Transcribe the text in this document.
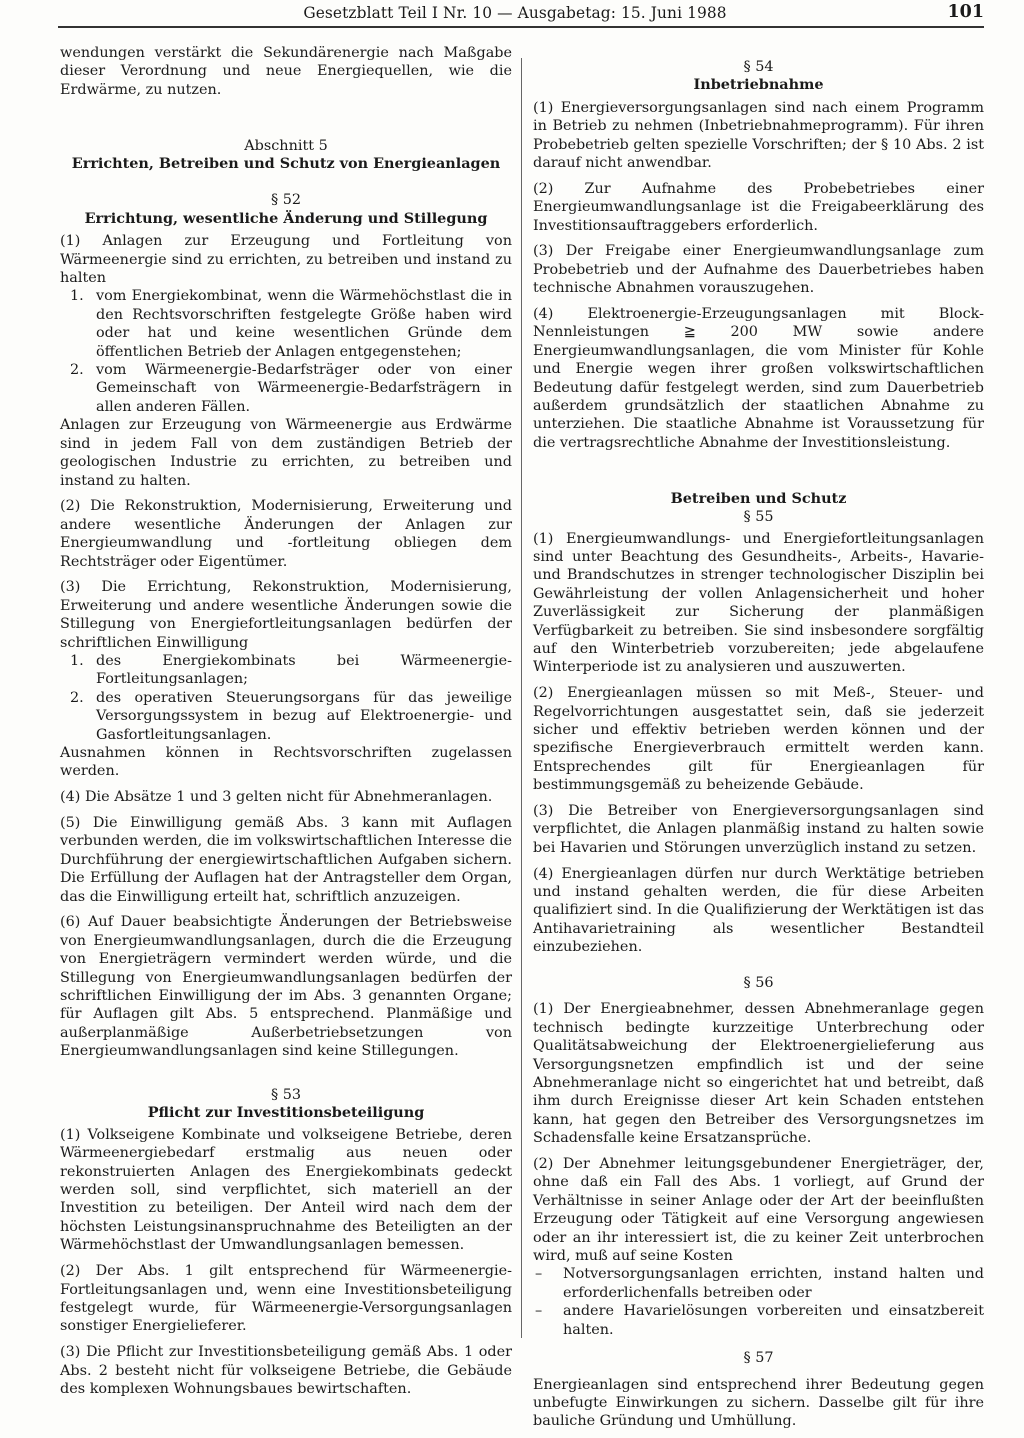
Gesetzblatt Teil I Nr. 10 — Ausgabetag: 15. Juni 1988	101

wendungen verstärkt die Sekundärenergie nach Maßgabe dieser Verordnung und neue Energiequellen, wie die Erdwärme, zu nutzen.

Abschnitt 5

Errichten, Betreiben und Schutz von Energieanlagen

§ 52

Errichtung, wesentliche Änderung und Stillegung

(1) Anlagen zur Erzeugung und Fortleitung von Wärmeenergie sind zu errichten, zu betreiben und instand zu halten

1. vom Energiekombinat, wenn die Wärmehöchstlast die in den Rechtsvorschriften festgelegte Größe haben wird oder hat und keine wesentlichen Gründe dem öffentlichen Betrieb der Anlagen entgegenstehen;
2. vom Wärmeenergie-Bedarfsträger oder von einer Gemeinschaft von Wärmeenergie-Bedarfsträgern in allen anderen Fällen.

Anlagen zur Erzeugung von Wärmeenergie aus Erdwärme sind in jedem Fall von dem zuständigen Betrieb der geologischen Industrie zu errichten, zu betreiben und instand zu halten.

(2) Die Rekonstruktion, Modernisierung, Erweiterung und andere wesentliche Änderungen der Anlagen zur Energieumwandlung und -fortleitung obliegen dem Rechtsträger oder Eigentümer.

(3) Die Errichtung, Rekonstruktion, Modernisierung, Erweiterung und andere wesentliche Änderungen sowie die Stillegung von Energiefortleitungsanlagen bedürfen der schriftlichen Einwilligung

1. des Energiekombinats bei Wärmeenergie-Fortleitungsanlagen;
2. des operativen Steuerungsorgans für das jeweilige Versorgungssystem in bezug auf Elektroenergie- und Gasfortleitungsanlagen.

Ausnahmen können in Rechtsvorschriften zugelassen werden.

(4) Die Absätze 1 und 3 gelten nicht für Abnehmeranlagen.

(5) Die Einwilligung gemäß Abs. 3 kann mit Auflagen verbunden werden, die im volkswirtschaftlichen Interesse die Durchführung der energiewirtschaftlichen Aufgaben sichern. Die Erfüllung der Auflagen hat der Antragsteller dem Organ, das die Einwilligung erteilt hat, schriftlich anzuzeigen.

(6) Auf Dauer beabsichtigte Änderungen der Betriebsweise von Energieumwandlungsanlagen, durch die die Erzeugung von Energieträgern vermindert werden würde, und die Stillegung von Energieumwandlungsanlagen bedürfen der schriftlichen Einwilligung der im Abs. 3 genannten Organe; für Auflagen gilt Abs. 5 entsprechend. Planmäßige und außerplanmäßige Außerbetriebsetzungen von Energieumwandlungsanlagen sind keine Stillegungen.

§ 53

Pflicht zur Investitionsbeteiligung

(1) Volkseigene Kombinate und volkseigene Betriebe, deren Wärmeenergiebedarf erstmalig aus neuen oder rekonstruierten Anlagen des Energiekombinats gedeckt werden soll, sind verpflichtet, sich materiell an der Investition zu beteiligen. Der Anteil wird nach dem der höchsten Leistungsinanspruchnahme des Beteiligten an der Wärmehöchstlast der Umwandlungsanlagen bemessen.

(2) Der Abs. 1 gilt entsprechend für Wärmeenergie-Fortleitungsanlagen und, wenn eine Investitionsbeteiligung festgelegt wurde, für Wärmeenergie-Versorgungsanlagen sonstiger Energielieferer.

(3) Die Pflicht zur Investitionsbeteiligung gemäß Abs. 1 oder Abs. 2 besteht nicht für volkseigene Betriebe, die Gebäude des komplexen Wohnungsbaues bewirtschaften.

§ 54

Inbetriebnahme

(1) Energieversorgungsanlagen sind nach einem Programm in Betrieb zu nehmen (Inbetriebnahmeprogramm). Für ihren Probebetrieb gelten spezielle Vorschriften; der § 10 Abs. 2 ist darauf nicht anwendbar.

(2) Zur Aufnahme des Probebetriebes einer Energieumwandlungsanlage ist die Freigabeerklärung des Investitionsauftraggebers erforderlich.

(3) Der Freigabe einer Energieumwandlungsanlage zum Probebetrieb und der Aufnahme des Dauerbetriebes haben technische Abnahmen vorauszugehen.

(4) Elektroenergie-Erzeugungsanlagen mit Block-Nennleistungen ≧ 200 MW sowie andere Energieumwandlungsanlagen, die vom Minister für Kohle und Energie wegen ihrer großen volkswirtschaftlichen Bedeutung dafür festgelegt werden, sind zum Dauerbetrieb außerdem grundsätzlich der staatlichen Abnahme zu unterziehen. Die staatliche Abnahme ist Voraussetzung für die vertragsrechtliche Abnahme der Investitionsleistung.

Betreiben und Schutz

§ 55

(1) Energieumwandlungs- und Energiefortleitungsanlagen sind unter Beachtung des Gesundheits-, Arbeits-, Havarie- und Brandschutzes in strenger technologischer Disziplin bei Gewährleistung der vollen Anlagensicherheit und hoher Zuverlässigkeit zur Sicherung der planmäßigen Verfügbarkeit zu betreiben. Sie sind insbesondere sorgfältig auf den Winterbetrieb vorzubereiten; jede abgelaufene Winterperiode ist zu analysieren und auszuwerten.

(2) Energieanlagen müssen so mit Meß-, Steuer- und Regelvorrichtungen ausgestattet sein, daß sie jederzeit sicher und effektiv betrieben werden können und der spezifische Energieverbrauch ermittelt werden kann. Entsprechendes gilt für Energieanlagen für bestimmungsgemäß zu beheizende Gebäude.

(3) Die Betreiber von Energieversorgungsanlagen sind verpflichtet, die Anlagen planmäßig instand zu halten sowie bei Havarien und Störungen unverzüglich instand zu setzen.

(4) Energieanlagen dürfen nur durch Werktätige betrieben und instand gehalten werden, die für diese Arbeiten qualifiziert sind. In die Qualifizierung der Werktätigen ist das Antihavarietraining als wesentlicher Bestandteil einzubeziehen.

§ 56

(1) Der Energieabnehmer, dessen Abnehmeranlage gegen technisch bedingte kurzzeitige Unterbrechung oder Qualitätsabweichung der Elektroenergielieferung aus Versorgungsnetzen empfindlich ist und der seine Abnehmeranlage nicht so eingerichtet hat und betreibt, daß ihm durch Ereignisse dieser Art kein Schaden entstehen kann, hat gegen den Betreiber des Versorgungsnetzes im Schadensfalle keine Ersatzansprüche.

(2) Der Abnehmer leitungsgebundener Energieträger, der, ohne daß ein Fall des Abs. 1 vorliegt, auf Grund der Verhältnisse in seiner Anlage oder der Art der beeinflußten Erzeugung oder Tätigkeit auf eine Versorgung angewiesen oder an ihr interessiert ist, die zu keiner Zeit unterbrochen wird, muß auf seine Kosten

–	Notversorgungsanlagen errichten, instand halten und erforderlichenfalls betreiben oder
–	andere Havarielösungen vorbereiten und einsatzbereit halten.

§ 57

Energieanlagen sind entsprechend ihrer Bedeutung gegen unbefugte Einwirkungen zu sichern. Dasselbe gilt für ihre bauliche Gründung und Umhüllung.
